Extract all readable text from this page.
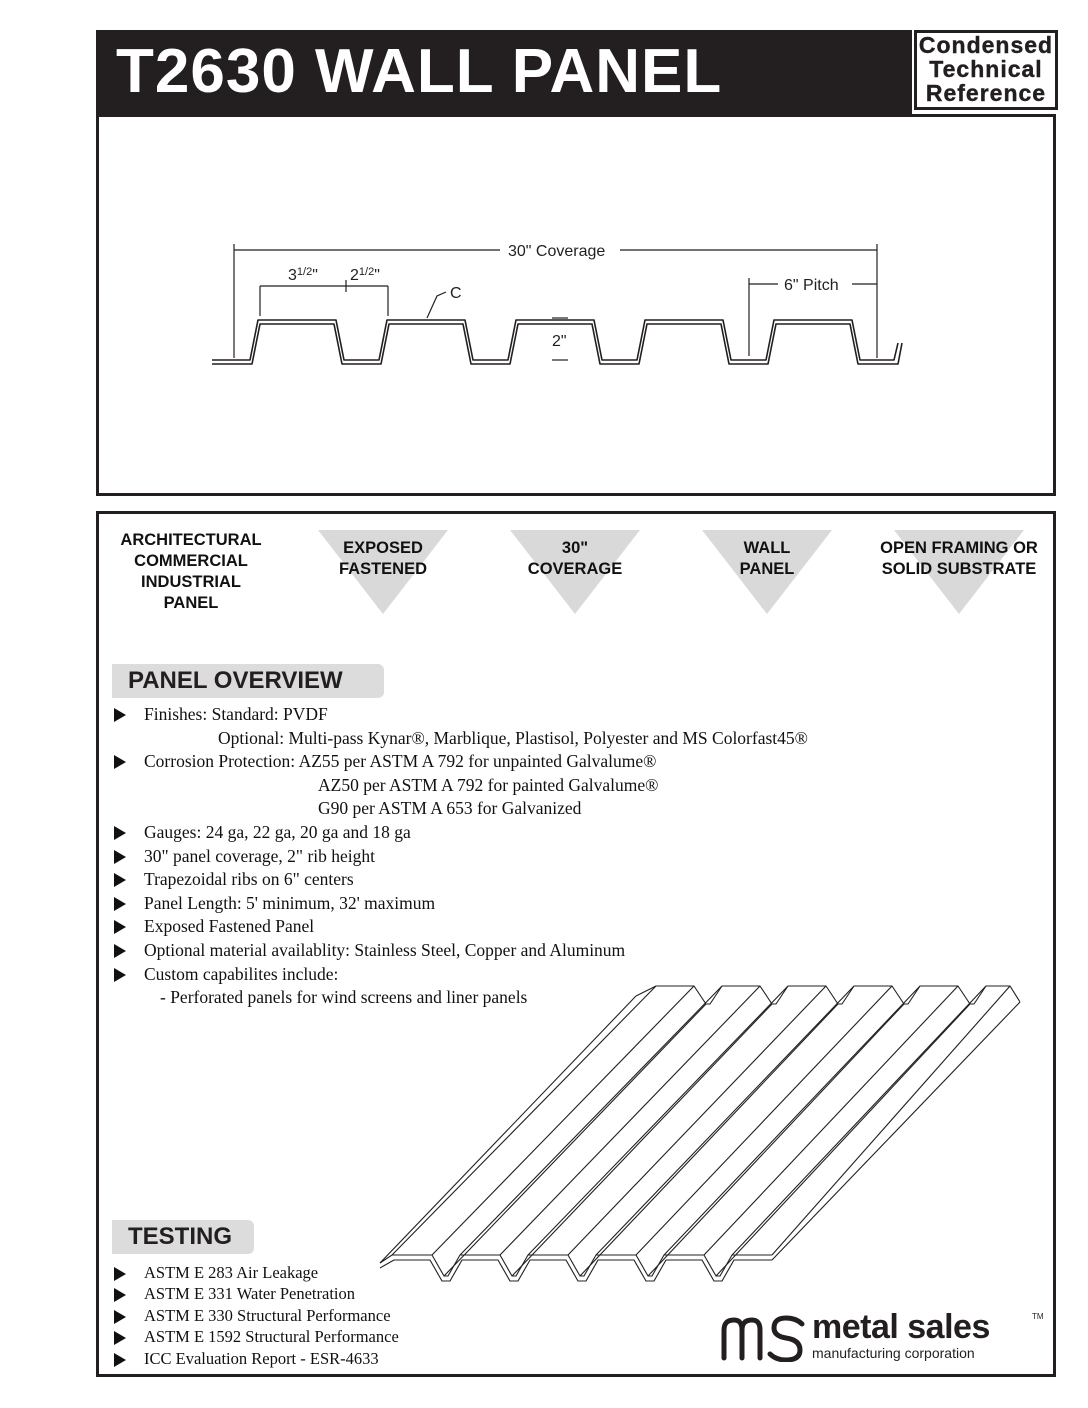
T2630 WALL PANEL	Condensed
Technical
Reference
30" Coverage
6" Pitch
$3^{1/2}$" $2^{1/2}$"
C
2"
ARCHITECTURAL
COMMERCIAL
INDUSTRIAL
PANEL
EXPOSED
FASTENED
30"
COVERAGE
WALL
PANEL
OPEN FRAMING OR
SOLID SUBSTRATE
PANEL OVERVIEW
Finishes: Standard: PVDF
Optional: Multi-pass Kynar®, Marblique, Plastisol, Polyester and MS Colorfast45®
Corrosion Protection: AZ55 per ASTM A 792 for unpainted Galvalume®
AZ50 per ASTM A 792 for painted Galvalume®
G90 per ASTM A 653 for Galvanized
Gauges: 24 ga, 22 ga, 20 ga and 18 ga
30" panel coverage, 2" rib height
Trapezoidal ribs on 6" centers
Panel Length: 5' minimum, 32' maximum
Exposed Fastened Panel
Optional material availablity: Stainless Steel, Copper and Aluminum
Custom capabilites include:
- Perforated panels for wind screens and liner panels
TESTING
ASTM E 283 Air Leakage
ASTM E 331 Water Penetration
ASTM E 330 Structural Performance
ASTM E 1592 Structural Performance
ICC Evaluation Report - ESR-4633
metal sales	TM
manufacturing corporation
